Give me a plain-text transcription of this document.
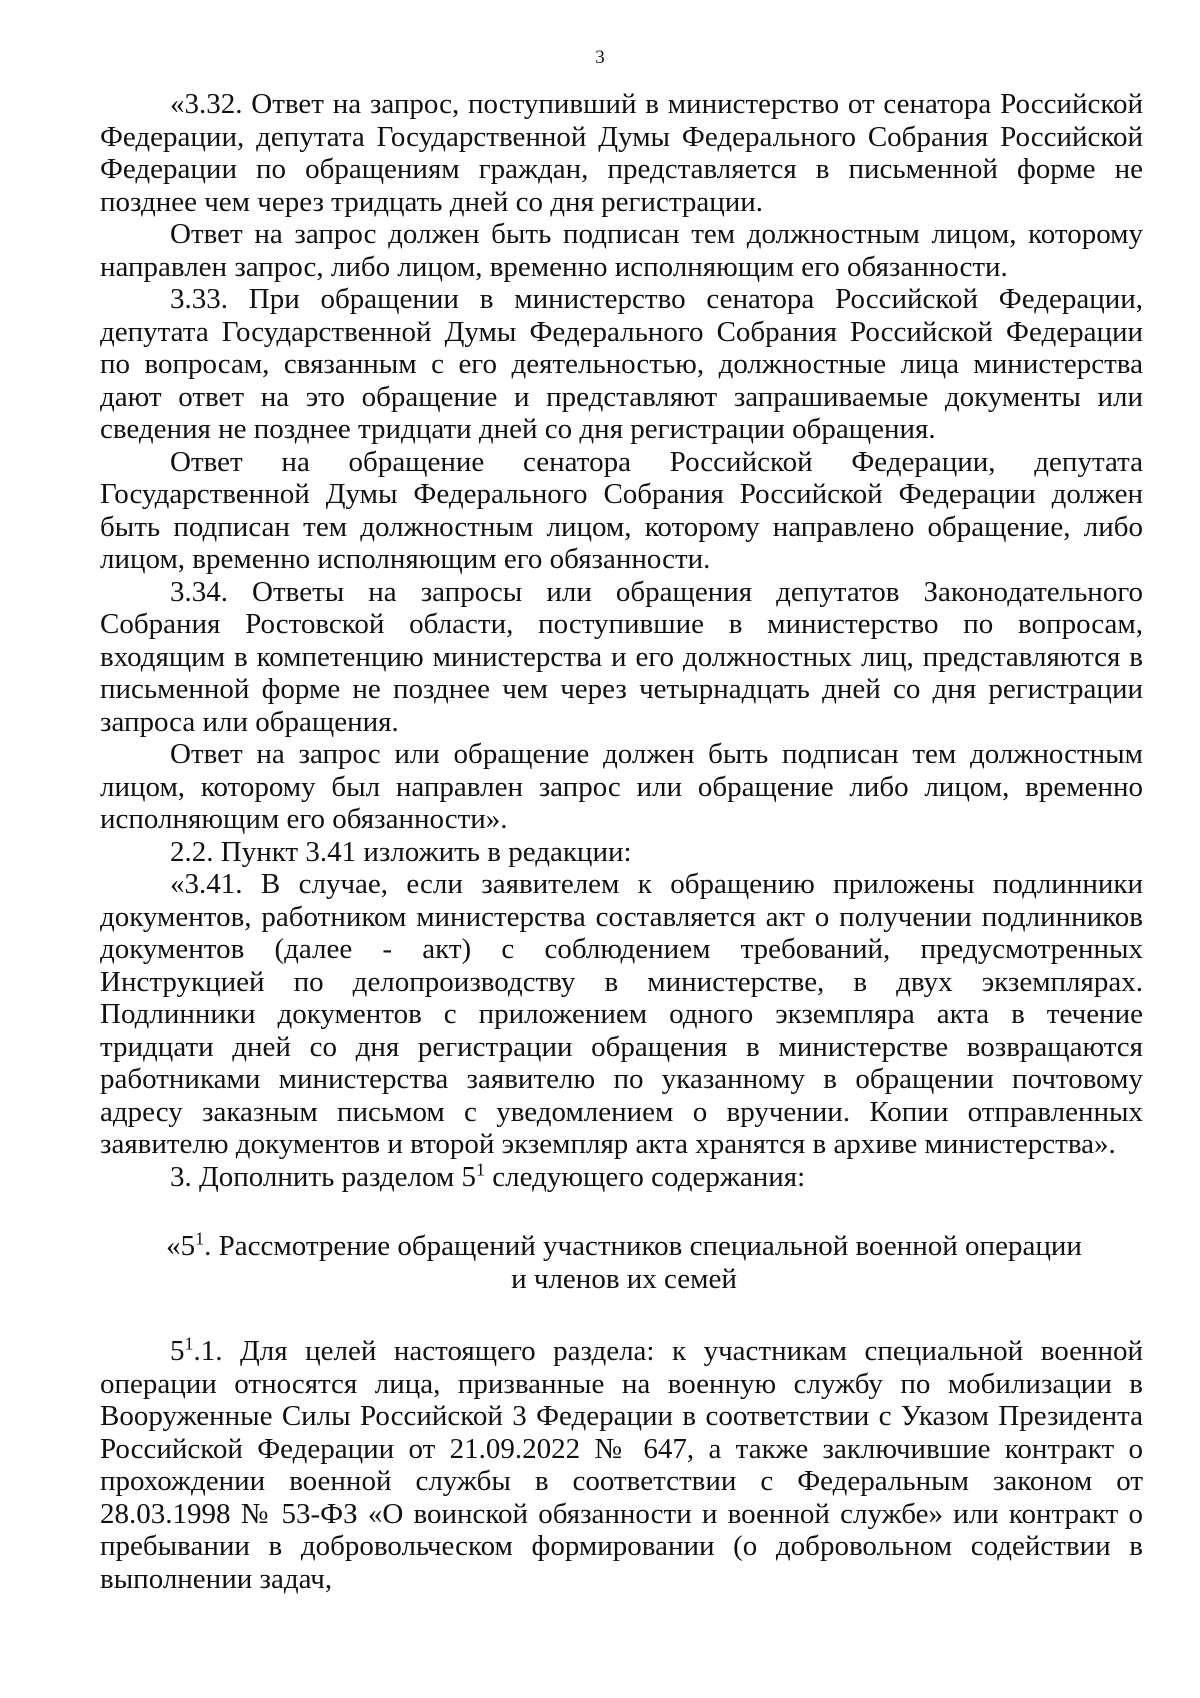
3

«3.32. Ответ на запрос, поступивший в министерство от сенатора Российской Федерации, депутата Государственной Думы Федерального Собрания Российской Федерации по обращениям граждан, представляется в письменной форме не позднее чем через тридцать дней со дня регистрации.

Ответ на запрос должен быть подписан тем должностным лицом, которому направлен запрос, либо лицом, временно исполняющим его обязанности.

3.33. При обращении в министерство сенатора Российской Федерации, депутата Государственной Думы Федерального Собрания Российской Федерации по вопросам, связанным с его деятельностью, должностные лица министерства дают ответ на это обращение и представляют запрашиваемые документы или сведения не позднее тридцати дней со дня регистрации обращения.

Ответ на обращение сенатора Российской Федерации, депутата Государственной Думы Федерального Собрания Российской Федерации должен быть подписан тем должностным лицом, которому направлено обращение, либо лицом, временно исполняющим его обязанности.

3.34. Ответы на запросы или обращения депутатов Законодательного Собрания Ростовской области, поступившие в министерство по вопросам, входящим в компетенцию министерства и его должностных лиц, представляются в письменной форме не позднее чем через четырнадцать дней со дня регистрации запроса или обращения.

Ответ на запрос или обращение должен быть подписан тем должностным лицом, которому был направлен запрос или обращение либо лицом, временно исполняющим его обязанности».

2.2. Пункт 3.41 изложить в редакции:

«3.41. В случае, если заявителем к обращению приложены подлинники документов, работником министерства составляется акт о получении подлинников документов (далее - акт) с соблюдением требований, предусмотренных Инструкцией по делопроизводству в министерстве, в двух экземплярах. Подлинники документов с приложением одного экземпляра акта в течение тридцати дней со дня регистрации обращения в министерстве возвращаются работниками министерства заявителю по указанному в обращении почтовому адресу заказным письмом с уведомлением о вручении. Копии отправленных заявителю документов и второй экземпляр акта хранятся в архиве министерства».

3. Дополнить разделом $5^1$ следующего содержания:

«$5^1$. Рассмотрение обращений участников специальной военной операции
и членов их семей

$5^1.1$. Для целей настоящего раздела: к участникам специальной военной операции относятся лица, призванные на военную службу по мобилизации в Вооруженные Силы Российской 3 Федерации в соответствии с Указом Президента Российской Федерации от 21.09.2022 № 647, а также заключившие контракт о прохождении военной службы в соответствии с Федеральным законом от 28.03.1998 № 53-ФЗ «О воинской обязанности и военной службе» или контракт о пребывании в добровольческом формировании (о добровольном содействии в выполнении задач,
